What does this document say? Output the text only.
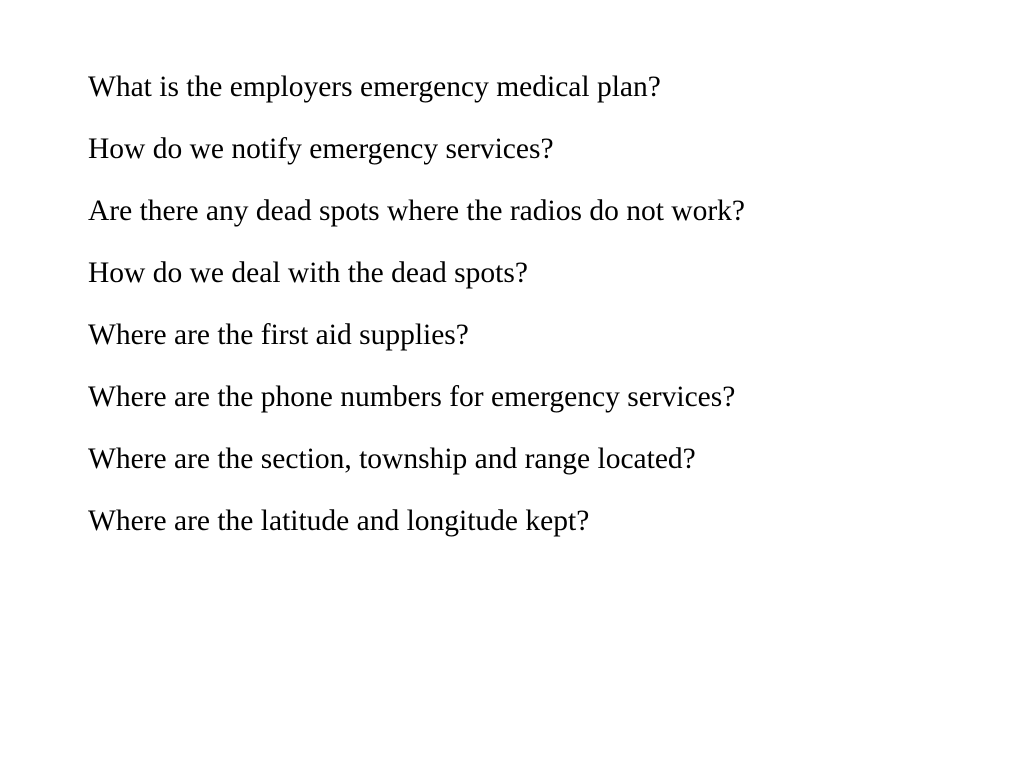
What is the employers emergency medical plan?
How do we notify emergency services?
Are there any dead spots where the radios do not work?
How do we deal with the dead spots?
Where are the first aid supplies?
Where are the phone numbers for emergency services?
Where are the section, township and range located?
Where are the latitude and longitude kept?
